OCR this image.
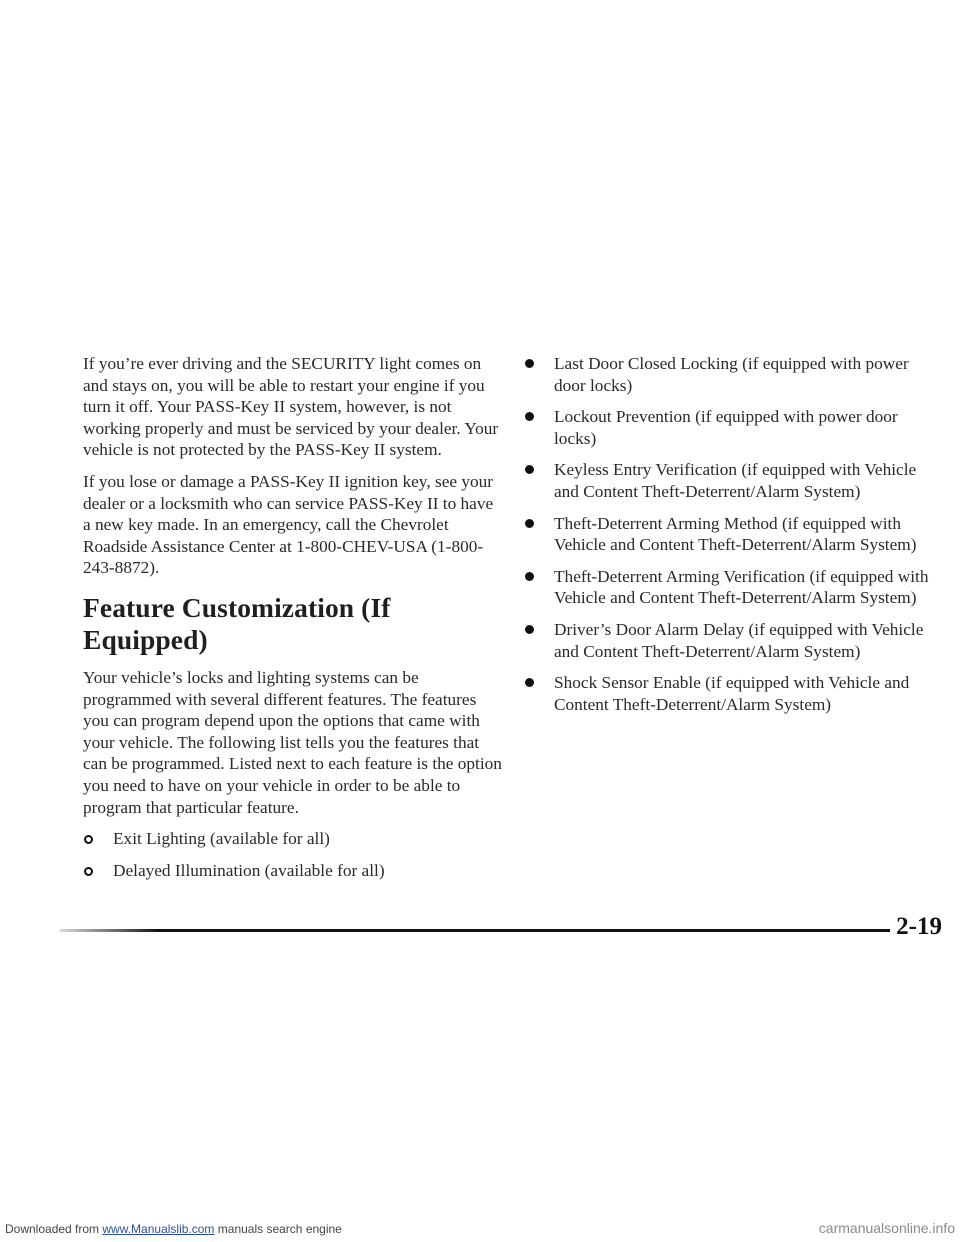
If you’re ever driving and the SECURITY light comes on and stays on, you will be able to restart your engine if you turn it off. Your PASS-Key II system, however, is not working properly and must be serviced by your dealer. Your vehicle is not protected by the PASS-Key II system.

If you lose or damage a PASS-Key II ignition key, see your dealer or a locksmith who can service PASS-Key II to have a new key made. In an emergency, call the Chevrolet Roadside Assistance Center at 1-800-CHEV-USA (1-800-243-8872).

Feature Customization (If Equipped)

Your vehicle’s locks and lighting systems can be programmed with several different features. The features you can program depend upon the options that came with your vehicle. The following list tells you the features that can be programmed. Listed next to each feature is the option you need to have on your vehicle in order to be able to program that particular feature.

Exit Lighting (available for all)
Delayed Illumination (available for all)
Last Door Closed Locking (if equipped with power door locks)
Lockout Prevention (if equipped with power door locks)
Keyless Entry Verification (if equipped with Vehicle and Content Theft-Deterrent/Alarm System)
Theft-Deterrent Arming Method (if equipped with Vehicle and Content Theft-Deterrent/Alarm System)
Theft-Deterrent Arming Verification (if equipped with Vehicle and Content Theft-Deterrent/Alarm System)
Driver’s Door Alarm Delay (if equipped with Vehicle and Content Theft-Deterrent/Alarm System)
Shock Sensor Enable (if equipped with Vehicle and Content Theft-Deterrent/Alarm System)
2-19
Downloaded from www.Manualslib.com manuals search engine	carmanualsonline.info
